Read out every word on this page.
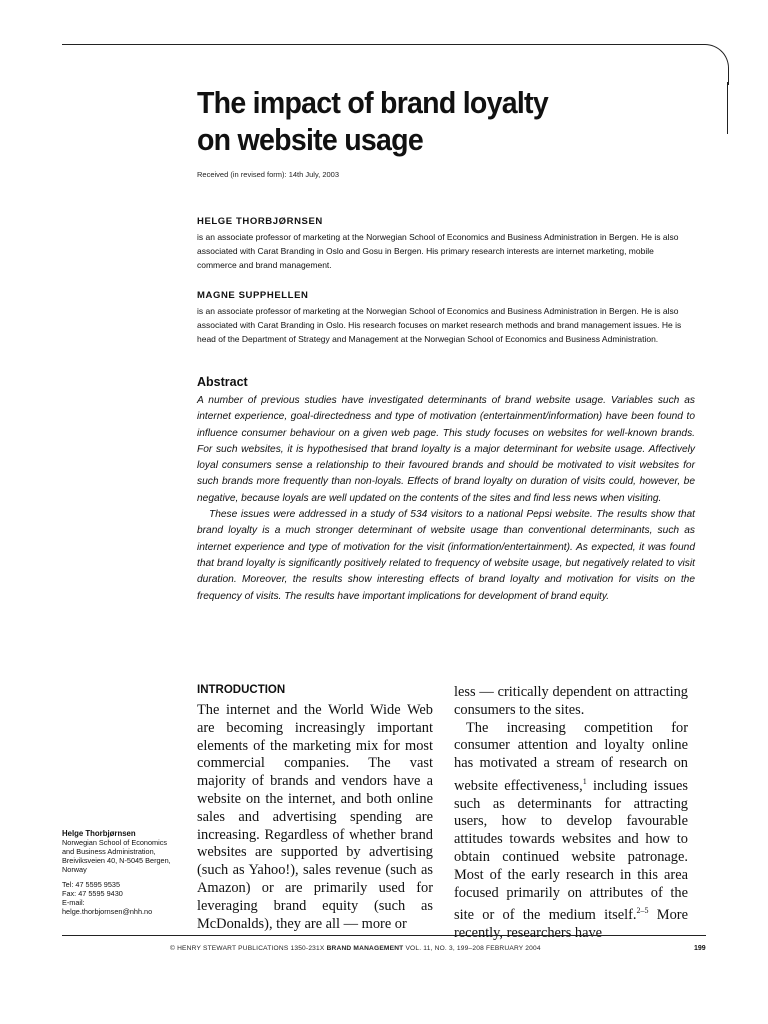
The impact of brand loyalty
on website usage
Received (in revised form): 14th July, 2003
HELGE THORBJØRNSEN

is an associate professor of marketing at the Norwegian School of Economics and Business Administration in Bergen. He is also associated with Carat Branding in Oslo and Gosu in Bergen. His primary research interests are internet marketing, mobile commerce and brand management.

MAGNE SUPPHELLEN

is an associate professor of marketing at the Norwegian School of Economics and Business Administration in Bergen. He is also associated with Carat Branding in Oslo. His research focuses on market research methods and brand management issues. He is head of the Department of Strategy and Management at the Norwegian School of Economics and Business Administration.

Abstract

A number of previous studies have investigated determinants of brand website usage. Variables such as internet experience, goal-directedness and type of motivation (entertainment/information) have been found to influence consumer behaviour on a given web page. This study focuses on websites for well-known brands. For such websites, it is hypothesised that brand loyalty is a major determinant for website usage. Affectively loyal consumers sense a relationship to their favoured brands and should be motivated to visit websites for such brands more frequently than non-loyals. Effects of brand loyalty on duration of visits could, however, be negative, because loyals are well updated on the contents of the sites and find less news when visiting.

These issues were addressed in a study of 534 visitors to a national Pepsi website. The results show that brand loyalty is a much stronger determinant of website usage than conventional determinants, such as internet experience and type of motivation for the visit (information/entertainment). As expected, it was found that brand loyalty is significantly positively related to frequency of website usage, but negatively related to visit duration. Moreover, the results show interesting effects of brand loyalty and motivation for visits on the frequency of visits. The results have important implications for development of brand equity.

INTRODUCTION

The internet and the World Wide Web are becoming increasingly important elements of the marketing mix for most commercial companies. The vast majority of brands and vendors have a website on the internet, and both online sales and advertising spending are increasing. Regardless of whether brand websites are supported by advertising (such as Yahoo!), sales revenue (such as Amazon) or are primarily used for leveraging brand equity (such as McDonalds), they are all — more or

less — critically dependent on attracting consumers to the sites.

The increasing competition for consumer attention and loyalty online has motivated a stream of research on website effectiveness,$^1$ including issues such as determinants for attracting users, how to develop favourable attitudes towards websites and how to obtain continued website patronage. Most of the early research in this area focused primarily on attributes of the site or of the medium itself.$^{2-5}$ More recently, researchers have

Helge Thorbjørnsen
Norwegian School of Economics
and Business Administration,
Breiviksveien 40, N-5045 Bergen,
Norway
Tel: 47 5595 9535
Fax: 47 5595 9430
E-mail:
helge.thorbjornsen@nhh.no
© HENRY STEWART PUBLICATIONS 1350-231X BRAND MANAGEMENT VOL. 11, NO. 3, 199–208 FEBRUARY 2004	199
